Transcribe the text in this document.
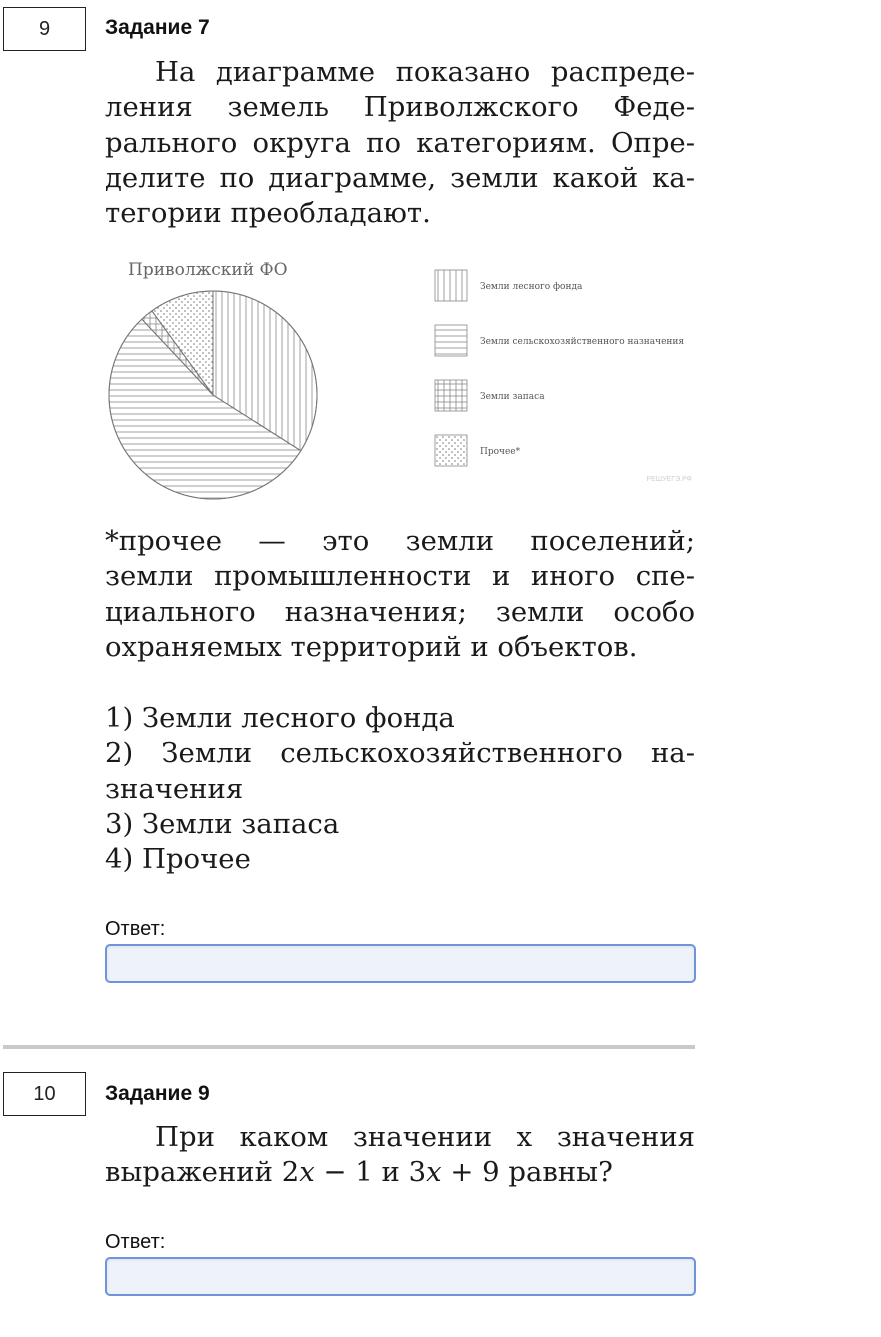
9	Задание 7
На диаграмме показано распреде-
ления земель Приволжского Феде-
рального округа по категориям. Опре-
делите по диаграмме, земли какой ка-
тегории преобладают.
Приволжский ФО
Земли лесного фонда
Земли сельскохозяйственного назначения
Земли запаса
Прочее*
РЕШУЕГЭ.РФ
*прочее — это земли поселений;
земли промышленности и иного спе-
циального назначения; земли особо
охраняемых территорий и объектов.
1) Земли лесного фонда
2) Земли сельскохозяйственного на-
значения
3) Земли запаса
4) Прочее
Ответ:
10	Задание 9
При каком значении x значения
выражений 2x − 1 и 3x + 9 равны?
Ответ:
